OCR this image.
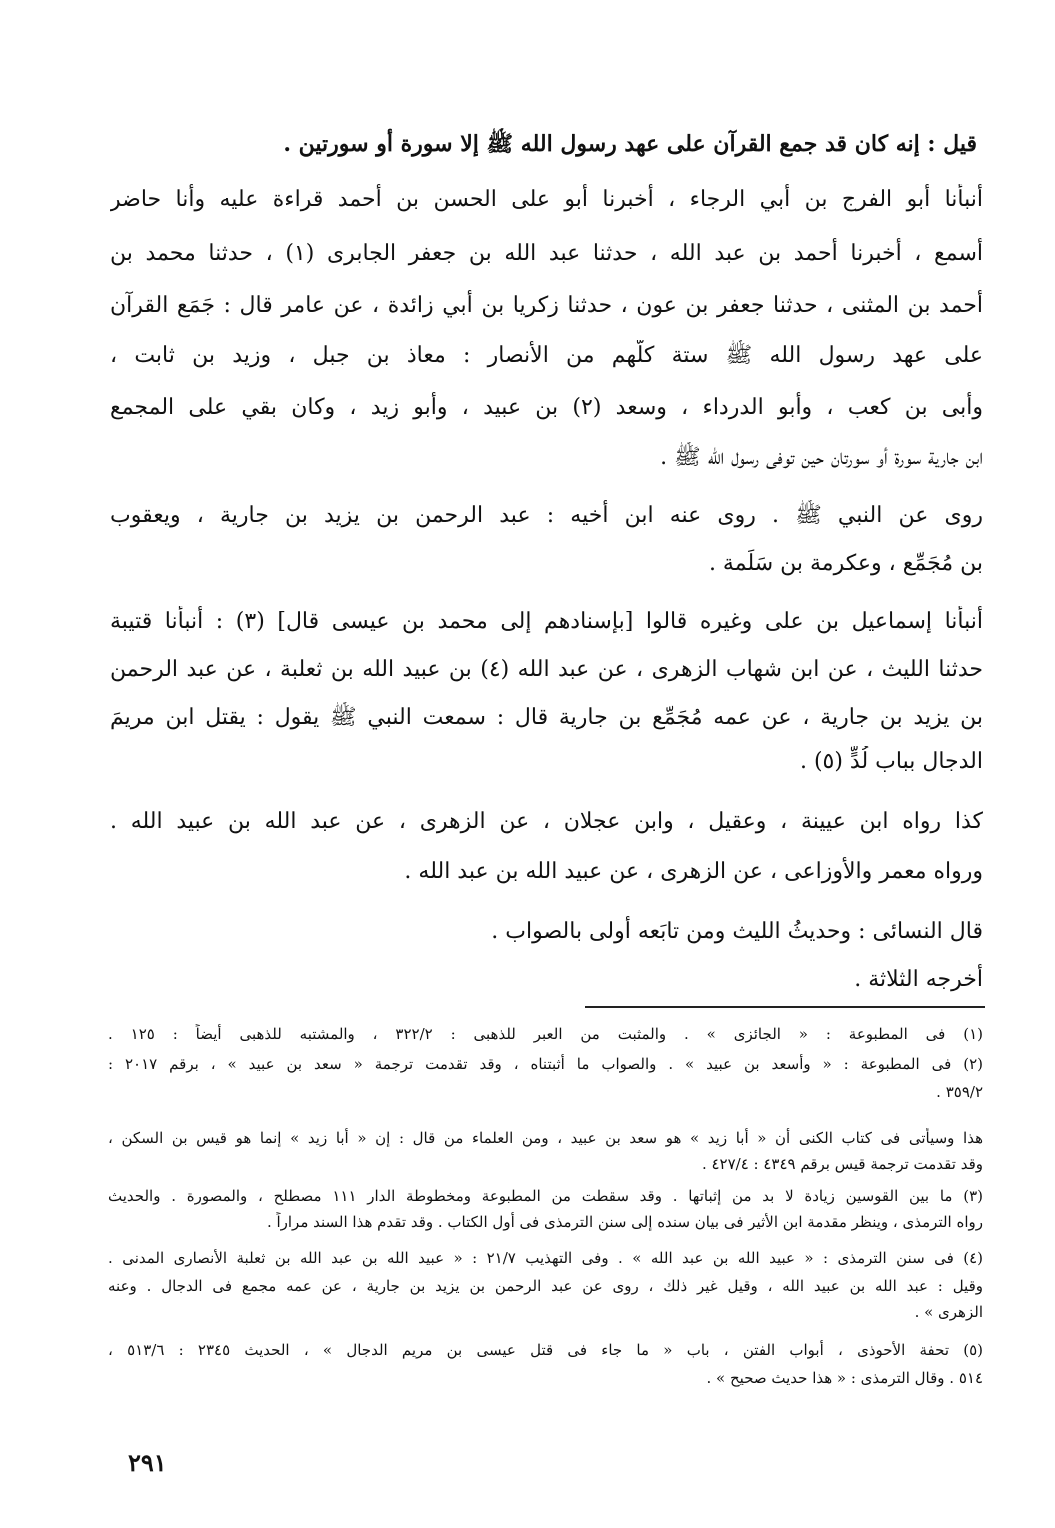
قيل : إنه كان قد جمع القرآن على عهد رسول الله ﷺ إلا سورة أو سورتين .
أنبأنا أبو الفرج بن أبي الرجاء ، أخبرنا أبو على الحسن بن أحمد قراءة عليه وأنا حاضر
أسمع ، أخبرنا أحمد بن عبد الله ، حدثنا عبد الله بن جعفر الجابرى (١) ، حدثنا محمد بن
أحمد بن المثنى ، حدثنا جعفر بن عون ، حدثنا زكريا بن أبي زائدة ، عن عامر قال : جَمَع القرآن
على عهد رسول الله ﷺ ستة كلُّهم من الأنصار : معاذ بن جبل ، وزيد بن ثابت ،
وأُبى بن كعب ، وأبو الدرداء ، وسعد (٢) بن عبيد ، وأبو زيد ، وكان بقي على المجمع
ابن جارية سورة أو سورتان حين توفى رسول الله ﷺ .
روى عن النبي ﷺ . روى عنه ابن أخيه : عبد الرحمن بن يزيد بن جارية ، ويعقوب
بن مُجَمِّع ، وعكرمة بن سَلَمة .
أنبأنا إسماعيل بن على وغيره قالوا [بإسنادهم إلى محمد بن عيسى قال] (٣) : أنبأنا قتيبة
حدثنا الليث ، عن ابن شهاب الزهرى ، عن عبد الله (٤) بن عبيد الله بن ثعلبة ، عن عبد الرحمن
بن يزيد بن جارية ، عن عمه مُجَمِّع بن جارية قال : سمعت النبي ﷺ يقول : يقتل ابن مريمَ
الدجال بباب لُدٍّ (٥) .
كذا رواه ابن عيينة ، وعقيل ، وابن عجلان ، عن الزهرى ، عن عبد الله بن عبيد الله .
ورواه معمر والأوزاعى ، عن الزهرى ، عن عبيد الله بن عبد الله .
قال النسائى : وحديثُ الليث ومن تابَعه أَولى بالصواب .
أخرجه الثلاثة .
(١) فى المطبوعة : « الجائزى » . والمثبت من العبر للذهبى : ٣٢٢/٢ ، والمشتبه للذهبى أيضاً : ١٢٥ .
(٢) فى المطبوعة : « وأسعد بن عبيد » . والصواب ما أثبتناه ، وقد تقدمت ترجمة « سعد بن عبيد » ، برقم ٢٠١٧ :
٣٥٩/٢ .
هذا وسيأتى فى كتاب الكنى أن « أبا زيد » هو سعد بن عبيد ، ومن العلماء من قال : إن « أبا زيد » إنما هو قيس بن السكن ،
وقد تقدمت ترجمة قيس برقم ٤٣٤٩ : ٤٢٧/٤ .
(٣) ما بين القوسين زيادة لا بد من إثباتها . وقد سقطت من المطبوعة ومخطوطة الدار ١١١ مصطلح ، والمصورة . والحديث
رواه الترمذى ، وينظر مقدمة ابن الأثير فى بيان سنده إلى سنن الترمذى فى أول الكتاب . وقد تقدم هذا السند مراراً .
(٤) فى سنن الترمذى : « عبيد الله بن عبد الله » . وفى التهذيب ٢١/٧ : « عبيد الله بن عبد الله بن ثعلبة الأنصارى المدنى .
وقيل : عبد الله بن عبيد الله ، وقيل غير ذلك ، روى عن عبد الرحمن بن يزيد بن جارية ، عن عمه مجمع فى الدجال . وعنه
الزهرى » .
(٥) تحفة الأحوذى ، أبواب الفتن ، باب « ما جاء فى قتل عيسى بن مريم الدجال » ، الحديث ٢٣٤٥ : ٥١٣/٦ ،
٥١٤ . وقال الترمذى : « هذا حديث صحيح » .
٢٩١
